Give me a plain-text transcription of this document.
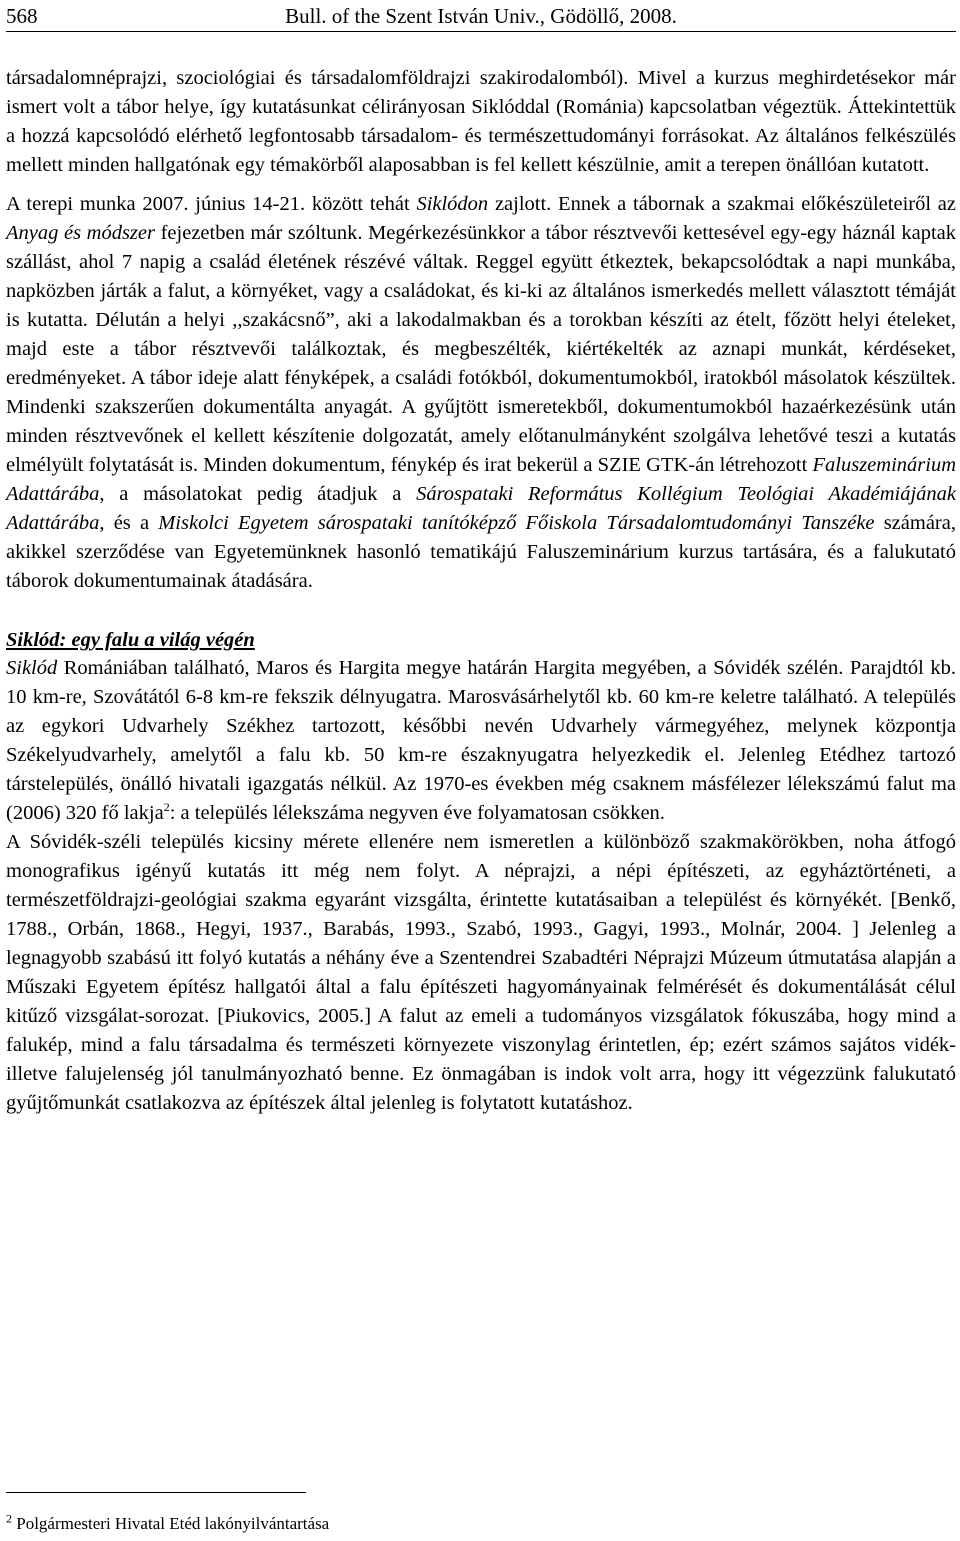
568	Bull. of the Szent István Univ., Gödöllő, 2008.

társadalomnéprajzi, szociológiai és társadalomföldrajzi szakirodalomból). Mivel a kurzus meghirdetésekor már ismert volt a tábor helye, így kutatásunkat célirányosan Siklóddal (Románia) kapcsolatban végeztük. Áttekintettük a hozzá kapcsolódó elérhető legfontosabb társadalom- és természettudományi forrásokat. Az általános felkészülés mellett minden hallgatónak egy témakörből alaposabban is fel kellett készülnie, amit a terepen önállóan kutatott.

A terepi munka 2007. június 14-21. között tehát Siklódon zajlott. Ennek a tábornak a szakmai előkészületeiről az Anyag és módszer fejezetben már szóltunk. Megérkezésünkkor a tábor résztvevői kettesével egy-egy háznál kaptak szállást, ahol 7 napig a család életének részévé váltak. Reggel együtt étkeztek, bekapcsolódtak a napi munkába, napközben járták a falut, a környéket, vagy a családokat, és ki-ki az általános ismerkedés mellett választott témáját is kutatta. Délután a helyi ,,szakácsnő”, aki a lakodalmakban és a torokban készíti az ételt, főzött helyi ételeket, majd este a tábor résztvevői találkoztak, és megbeszélték, kiértékelték az aznapi munkát, kérdéseket, eredményeket. A tábor ideje alatt fényképek, a családi fotókból, dokumentumokból, iratokból másolatok készültek. Mindenki szakszerűen dokumentálta anyagát. A gyűjtött ismeretekből, dokumentumokból hazaérkezésünk után minden résztvevőnek el kellett készítenie dolgozatát, amely előtanulmányként szolgálva lehetővé teszi a kutatás elmélyült folytatását is. Minden dokumentum, fénykép és irat bekerül a SZIE GTK-án létrehozott Faluszeminárium Adattárába, a másolatokat pedig átadjuk a Sárospataki Református Kollégium Teológiai Akadémiájának Adattárába, és a Miskolci Egyetem sárospataki tanítóképző Főiskola Társadalomtudományi Tanszéke számára, akikkel szerződése van Egyetemünknek hasonló tematikájú Faluszeminárium kurzus tartására, és a falukutató táborok dokumentumainak átadására.

Siklód: egy falu a világ végén

Siklód Romániában található, Maros és Hargita megye határán Hargita megyében, a Sóvidék szélén. Parajdtól kb. 10 km-re, Szovátától 6-8 km-re fekszik délnyugatra. Marosvásárhelytől kb. 60 km-re keletre található. A település az egykori Udvarhely Székhez tartozott, későbbi nevén Udvarhely vármegyéhez, melynek központja Székelyudvarhely, amelytől a falu kb. 50 km-re északnyugatra helyezkedik el. Jelenleg Etédhez tartozó társtelepülés, önálló hivatali igazgatás nélkül. Az 1970-es években még csaknem másfélezer lélekszámú falut ma (2006) 320 fő lakja$^2$: a település lélekszáma negyven éve folyamatosan csökken.

A Sóvidék-széli település kicsiny mérete ellenére nem ismeretlen a különböző szakmakörökben, noha átfogó monografikus igényű kutatás itt még nem folyt. A néprajzi, a népi építészeti, az egyháztörténeti, a természetföldrajzi-geológiai szakma egyaránt vizsgálta, érintette kutatásaiban a települést és környékét. [Benkő, 1788., Orbán, 1868., Hegyi, 1937., Barabás, 1993., Szabó, 1993., Gagyi, 1993., Molnár, 2004. ] Jelenleg a legnagyobb szabású itt folyó kutatás a néhány éve a Szentendrei Szabadtéri Néprajzi Múzeum útmutatása alapján a Műszaki Egyetem építész hallgatói által a falu építészeti hagyományainak felmérését és dokumentálását célul kitűző vizsgálat-sorozat. [Piukovics, 2005.] A falut az emeli a tudományos vizsgálatok fókuszába, hogy mind a falukép, mind a falu társadalma és természeti környezete viszonylag érintetlen, ép; ezért számos sajátos vidék- illetve falujelenség jól tanulmányozható benne. Ez önmagában is indok volt arra, hogy itt végezzünk falukutató gyűjtőmunkát csatlakozva az építészek által jelenleg is folytatott kutatáshoz.

$^2$ Polgármesteri Hivatal Etéd lakónyilvántartása
